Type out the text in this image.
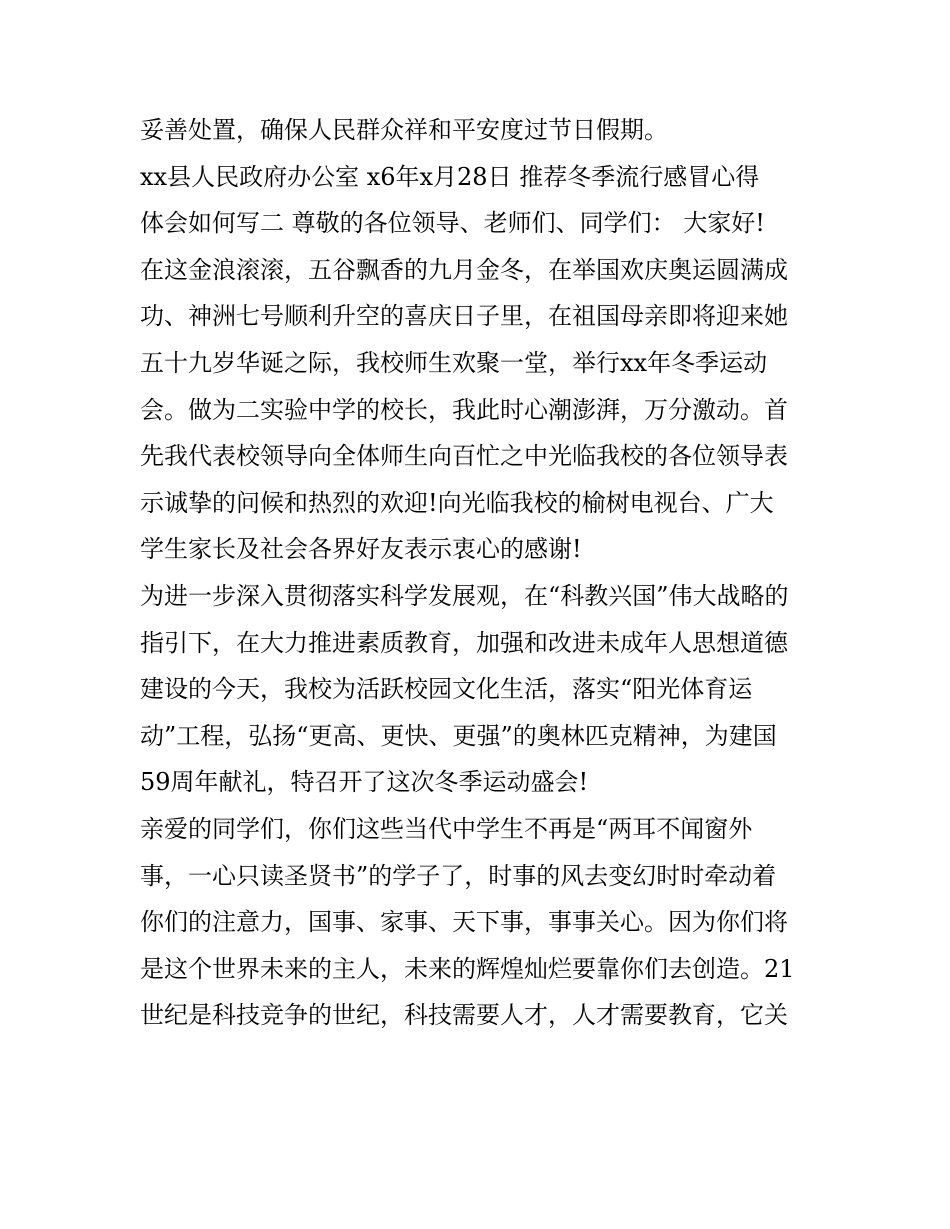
妥善处置，确保人民群众祥和平安度过节日假期。
xx县人民政府办公室 x6年x月28日 推荐冬季流行感冒心得
体会如何写二 尊敬的各位领导、老师们、同学们： 大家好!
在这金浪滚滚，五谷飘香的九月金冬，在举国欢庆奥运圆满成
功、神洲七号顺利升空的喜庆日子里，在祖国母亲即将迎来她
五十九岁华诞之际，我校师生欢聚一堂，举行xx年冬季运动
会。做为二实验中学的校长，我此时心潮澎湃，万分激动。首
先我代表校领导向全体师生向百忙之中光临我校的各位领导表
示诚挚的问候和热烈的欢迎!向光临我校的榆树电视台、广大
学生家长及社会各界好友表示衷心的感谢!
为进一步深入贯彻落实科学发展观，在“科教兴国”伟大战略的
指引下，在大力推进素质教育，加强和改进未成年人思想道德
建设的今天，我校为活跃校园文化生活，落实“阳光体育运
动”工程，弘扬“更高、更快、更强”的奥林匹克精神，为建国
59周年献礼，特召开了这次冬季运动盛会!
亲爱的同学们，你们这些当代中学生不再是“两耳不闻窗外
事，一心只读圣贤书”的学子了，时事的风去变幻时时牵动着
你们的注意力，国事、家事、天下事，事事关心。因为你们将
是这个世界未来的主人，未来的辉煌灿烂要靠你们去创造。21
世纪是科技竞争的世纪，科技需要人才，人才需要教育，它关
